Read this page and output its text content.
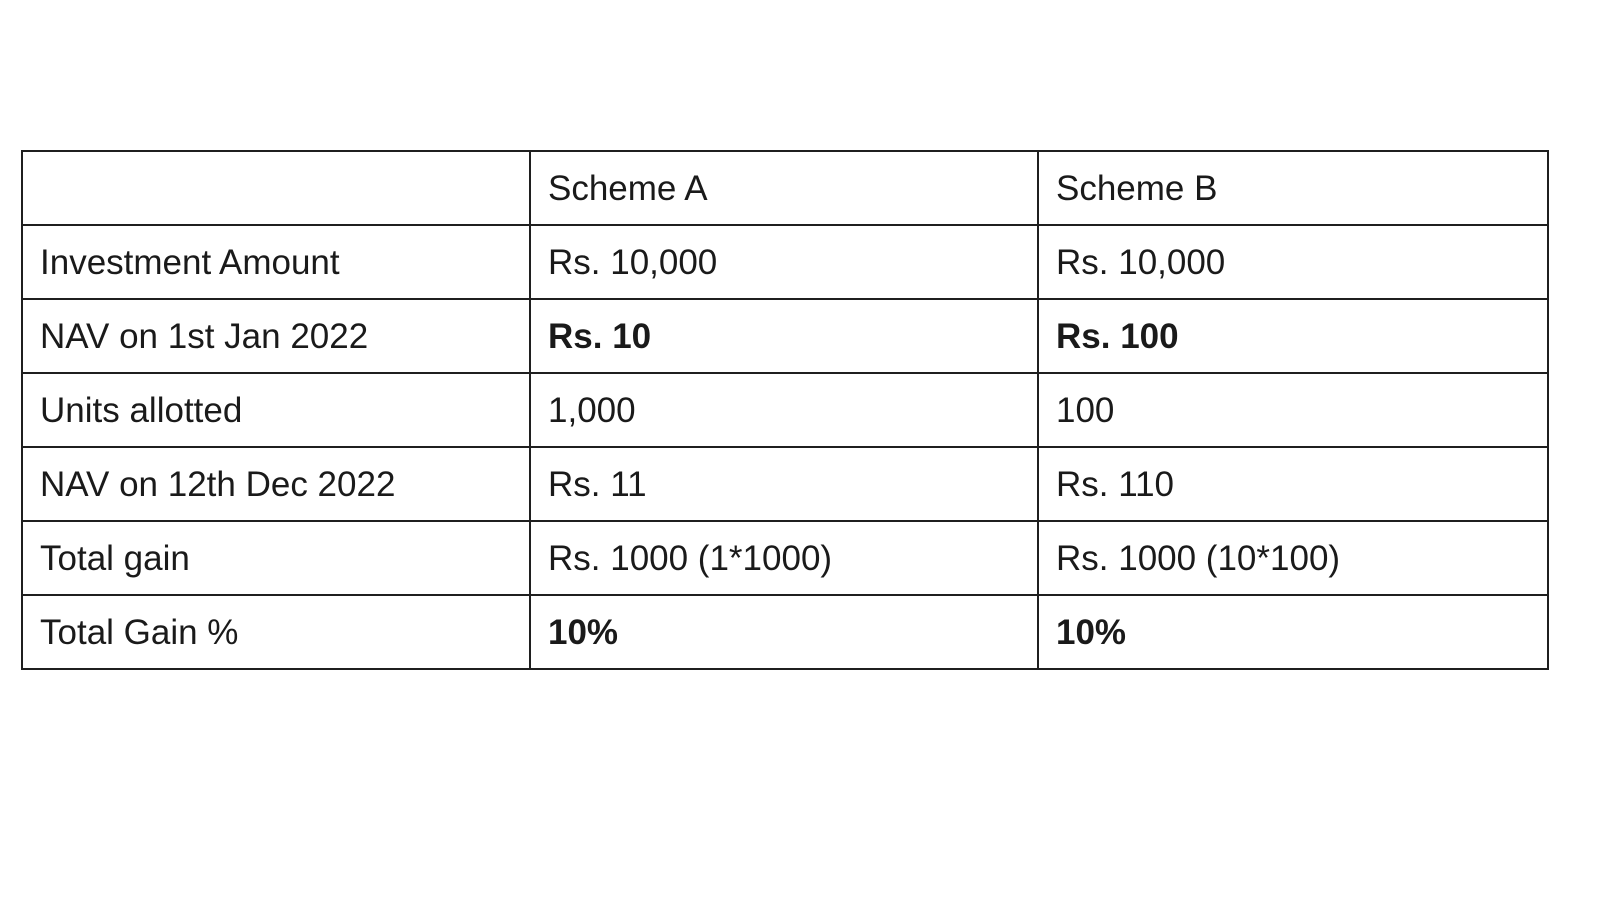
	Scheme A	Scheme B
Investment Amount	Rs. 10,000	Rs. 10,000
NAV on 1st Jan 2022	Rs. 10	Rs. 100
Units allotted	1,000	100
NAV on 12th Dec 2022	Rs. 11	Rs. 110
Total gain	Rs. 1000 (1*1000)	Rs. 1000 (10*100)
Total Gain %	10%	10%
